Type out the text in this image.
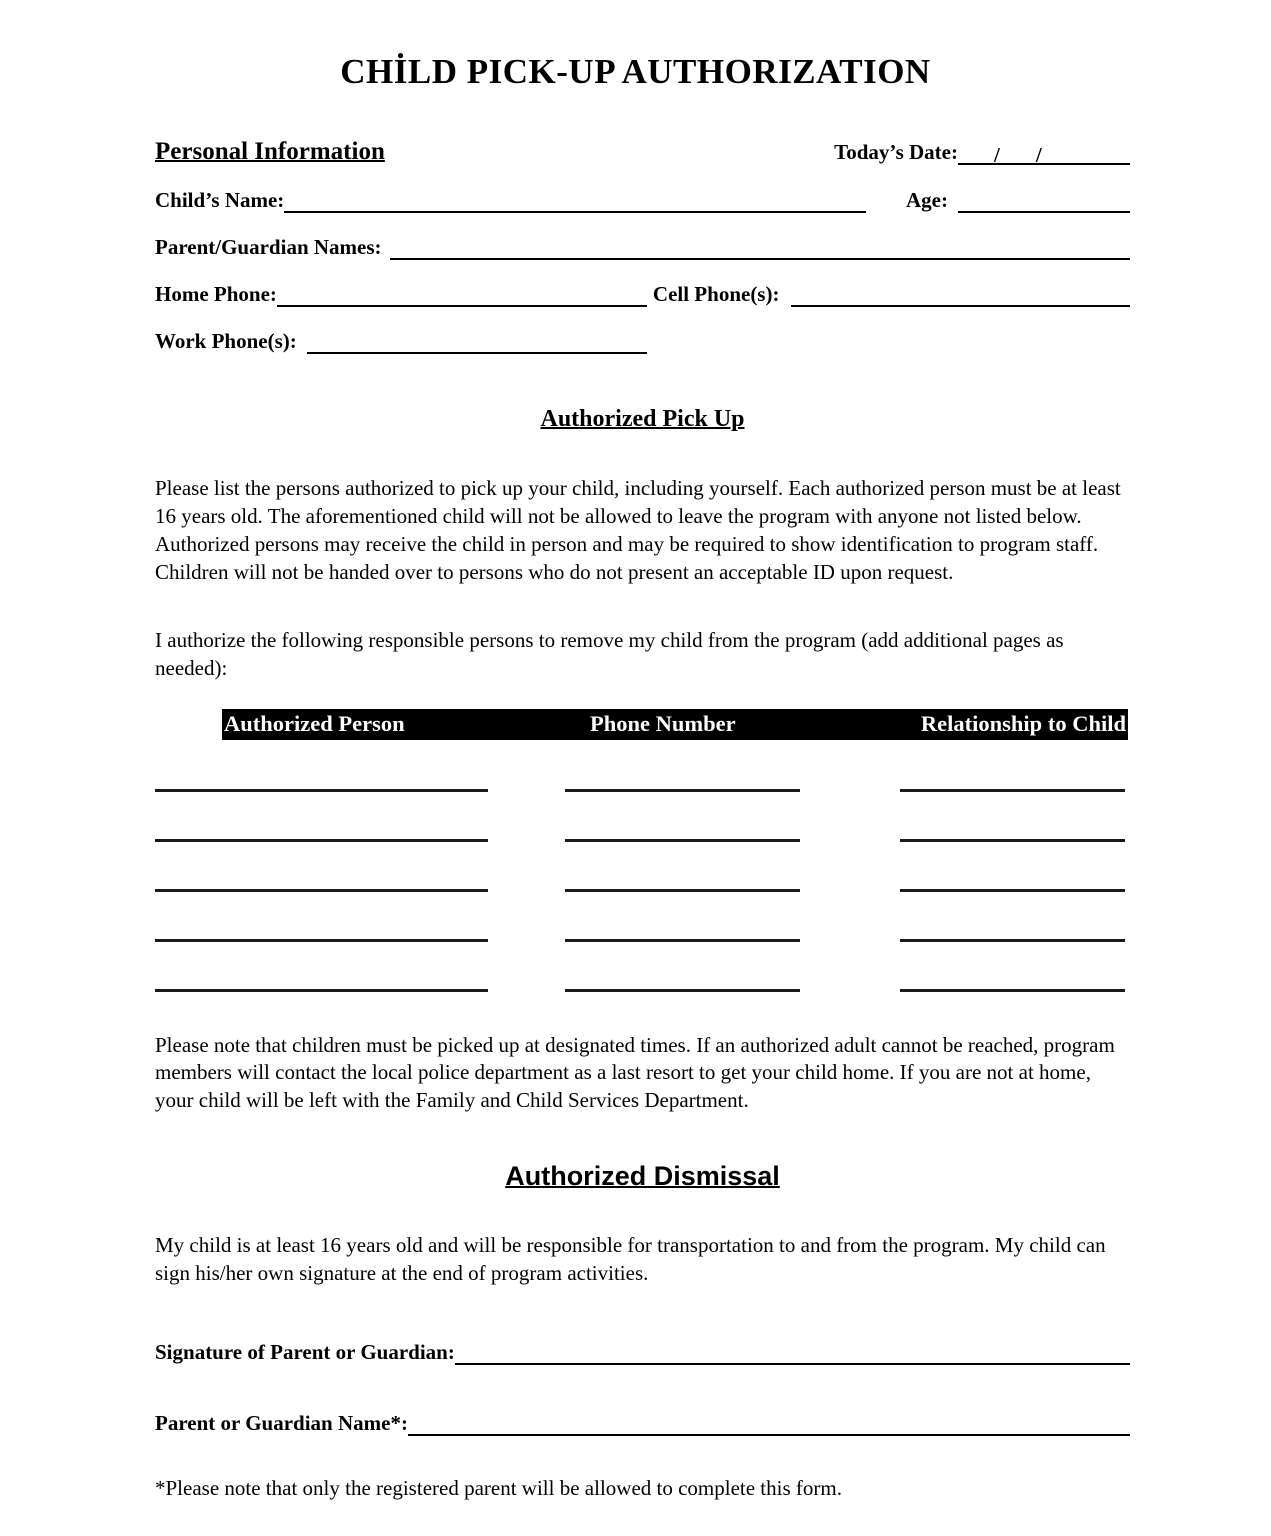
CHİLD PICK-UP AUTHORIZATION
Personal Information	Today’s Date:	/ /
Child’s Name:	Age:
Parent/Guardian Names:
Home Phone:	Cell Phone(s):
Work Phone(s):
Authorized Pick Up
Please list the persons authorized to pick up your child, including yourself. Each authorized person must be at least 16 years old. The aforementioned child will not be allowed to leave the program with anyone not listed below. Authorized persons may receive the child in person and may be required to show identification to program staff. Children will not be handed over to persons who do not present an acceptable ID upon request.
I authorize the following responsible persons to remove my child from the program (add additional pages as needed):
Authorized Person	Phone Number	Relationship to Child
Please note that children must be picked up at designated times. If an authorized adult cannot be reached, program members will contact the local police department as a last resort to get your child home. If you are not at home, your child will be left with the Family and Child Services Department.
Authorized Dismissal
My child is at least 16 years old and will be responsible for transportation to and from the program. My child can sign his/her own signature at the end of program activities.
Signature of Parent or Guardian:
Parent or Guardian Name*:
*Please note that only the registered parent will be allowed to complete this form.
